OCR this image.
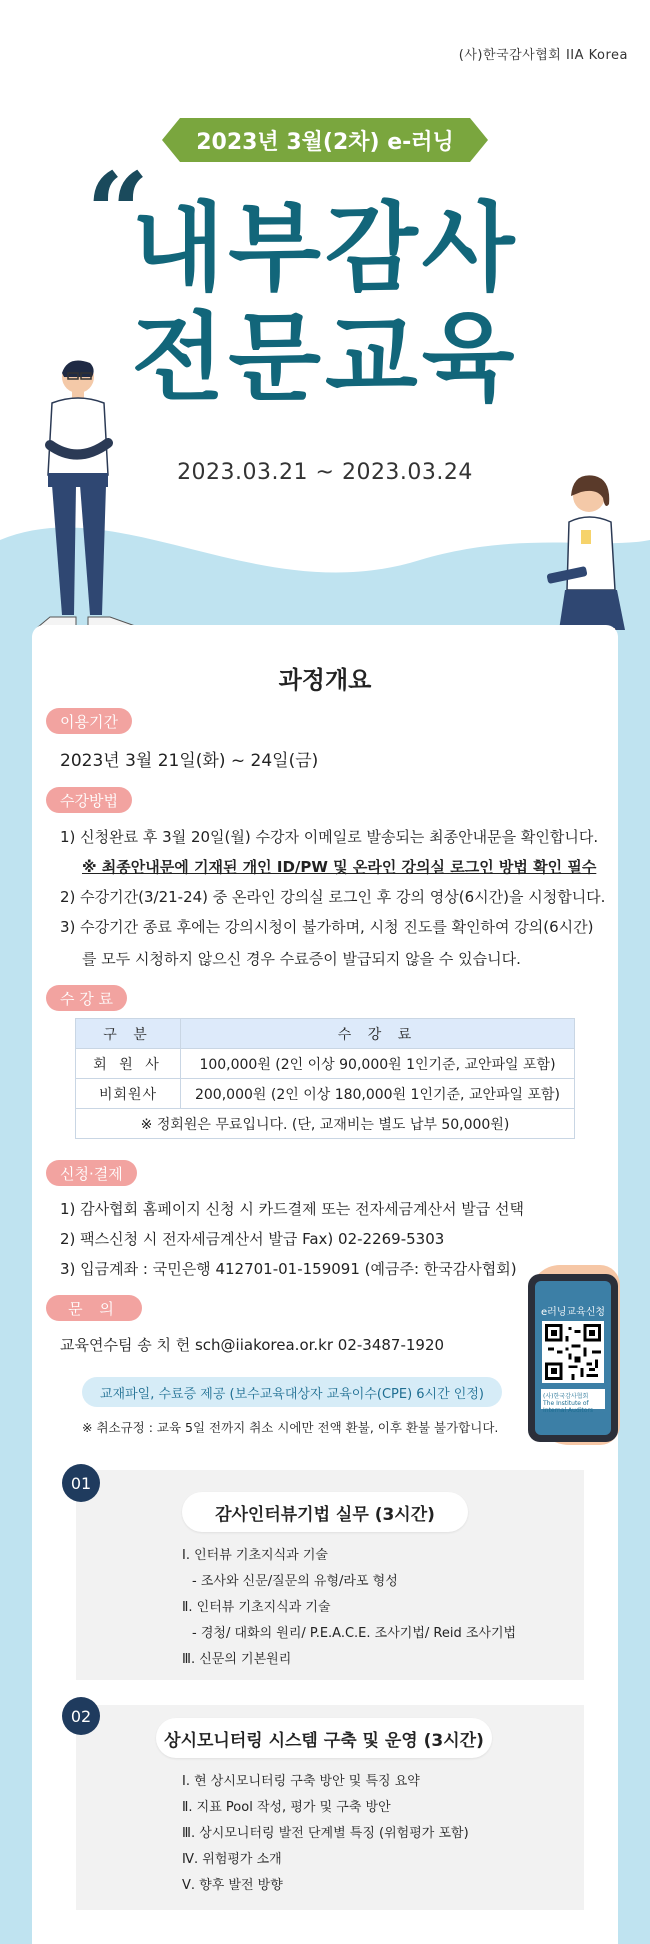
(사)한국감사협회 IIA Korea
2023년 3월(2차) e-러닝
“
내부감사
전문교육
2023.03.21 ~ 2023.03.24
과정개요
이용기간
2023년 3월 21일(화) ~ 24일(금)
수강방법
1) 신청완료 후 3월 20일(월) 수강자 이메일로 발송되는 최종안내문을 확인합니다.
※ 최종안내문에 기재된 개인 ID/PW 및 온라인 강의실 로그인 방법 확인 필수
2) 수강기간(3/21-24) 중 온라인 강의실 로그인 후 강의 영상(6시간)을 시청합니다.
3) 수강기간 종료 후에는 강의시청이 불가하며, 시청 진도를 확인하여 강의(6시간)
를 모두 시청하지 않으신 경우 수료증이 발급되지 않을 수 있습니다.
수 강 료
구 분	수 강 료
회 원 사	100,000원 (2인 이상 90,000원 1인기준, 교안파일 포함)
비회원사	200,000원 (2인 이상 180,000원 1인기준, 교안파일 포함)
※ 정회원은 무료입니다. (단, 교재비는 별도 납부 50,000원)	
신청·결제
1) 감사협회 홈페이지 신청 시 카드결제 또는 전자세금계산서 발급 선택
2) 팩스신청 시 전자세금계산서 발급 Fax) 02-2269-5303
3) 입금계좌 : 국민은행 412701-01-159091 (예금주: 한국감사협회)
문 의
교육연수팀 송 치 헌 sch@iiakorea.or.kr 02-3487-1920
e러닝교육신청
(사)한국감사협회
The Institute of Internal Auditors
교재파일, 수료증 제공 (보수교육대상자 교육이수(CPE) 6시간 인정)
※ 취소규정 : 교육 5일 전까지 취소 시에만 전액 환불, 이후 환불 불가합니다.
01
감사인터뷰기법 실무 (3시간)
Ⅰ. 인터뷰 기초지식과 기술
- 조사와 신문/질문의 유형/라포 형성
Ⅱ. 인터뷰 기초지식과 기술
- 경청/ 대화의 원리/ P.E.A.C.E. 조사기법/ Reid 조사기법
Ⅲ. 신문의 기본원리
02
상시모니터링 시스템 구축 및 운영 (3시간)
Ⅰ. 현 상시모니터링 구축 방안 및 특징 요약
Ⅱ. 지표 Pool 작성, 평가 및 구축 방안
Ⅲ. 상시모니터링 발전 단계별 특징 (위험평가 포함)
Ⅳ. 위험평가 소개
Ⅴ. 향후 발전 방향
